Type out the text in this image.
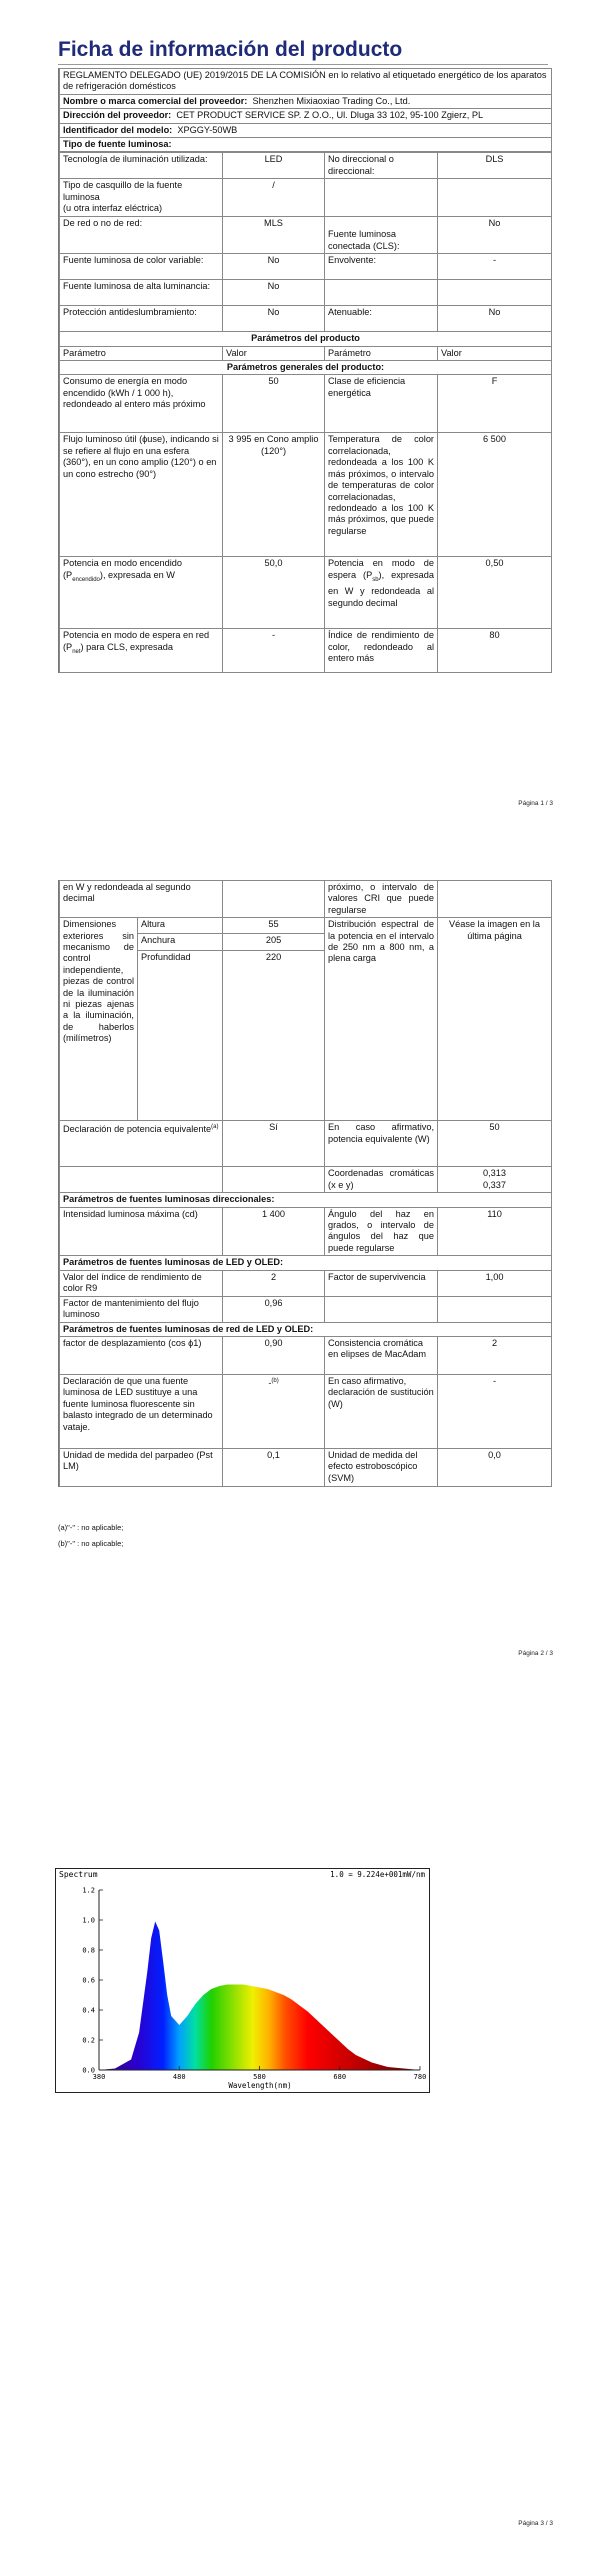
Ficha de información del producto
REGLAMENTO DELEGADO (UE) 2019/2015 DE LA COMISIÓN en lo relativo al etiquetado energético de los aparatos de refrigeración domésticos
Nombre o marca comercial del proveedor: Shenzhen Mixiaoxiao Trading Co., Ltd.
Dirección del proveedor: CET PRODUCT SERVICE SP. Z O.O., Ul. Dluga 33 102, 95-100 Zgierz, PL
Identificador del modelo: XPGGY-50WB
Tipo de fuente luminosa:
Tecnología de iluminación utilizada:	LED	No direccional o direccional:	DLS
Tipo de casquillo de la fuente luminosa
(u otra interfaz eléctrica)	/		
De red o no de red:	MLS	Fuente luminosa conectada (CLS):	No
Fuente luminosa de color variable:	No	Envolvente:	-
Fuente luminosa de alta luminancia:	No		
Protección antideslumbramiento:	No	Atenuable:	No
Parámetros del producto			
Parámetro	Valor	Parámetro	Valor
Parámetros generales del producto:			
Consumo de energía en modo encendido (kWh / 1 000 h), redondeado al entero más próximo	50	Clase de eficiencia energética	F
Flujo luminoso útil (ϕuse), indicando si se refiere al flujo en una esfera (360°), en un cono amplio (120°) o en un cono estrecho (90°)	3 995 en Cono amplio (120°)	Temperatura de color correlacionada, redondeada a los 100 K más próximos, o intervalo de temperaturas de color correlacionadas, redondeado a los 100 K más próximos, que puede regularse	6 500
Potencia en modo encendido $(P_{encendido})$, expresada en W	50,0	Potencia en modo de espera $(P_{sb})$, expresada en W y redondeada al segundo decimal	0,50
Potencia en modo de espera en red $(P_{net})$ para CLS, expresada	-	Índice de rendimiento de color, redondeado al entero más	80
Página 1 / 3
en W y redondeada al segundo decimal			próximo, o intervalo de valores CRI que puede regularse	
Dimensiones exteriores sin mecanismo de control independiente, piezas de control de la iluminación ni piezas ajenas a la iluminación, de haberlos (milímetros)	Altura	55	Distribución espectral de la potencia en el intervalo de 250 nm a 800 nm, a plena carga	Véase la imagen en la última página
	Anchura	205		
	Profundidad	220		
Declaración de potencia equivalente$^{(a)}$		Sí	En caso afirmativo, potencia equivalente (W)	50
			Coordenadas cromáticas (x e y)	0,313
0,337
Parámetros de fuentes luminosas direccionales:				
Intensidad luminosa máxima (cd)		1 400	Ángulo del haz en grados, o intervalo de ángulos del haz que puede regularse	110
Parámetros de fuentes luminosas de LED y OLED:				
Valor del índice de rendimiento de color R9		2	Factor de supervivencia	1,00
Factor de mantenimiento del flujo luminoso		0,96		
Parámetros de fuentes luminosas de red de LED y OLED:				
factor de desplazamiento (cos ϕ1)		0,90	Consistencia cromática en elipses de MacAdam	2
Declaración de que una fuente luminosa de LED sustituye a una fuente luminosa fluorescente sin balasto integrado de un determinado vataje.		-$^{(b)}$	En caso afirmativo, declaración de sustitución (W)	-
Unidad de medida del parpadeo (Pst LM)		0,1	Unidad de medida del efecto estroboscópico (SVM)	0,0
(a)"-" : no aplicable;
(b)"-" : no aplicable;
Página 2 / 3
Spectrum	1.0 = 9.224e+001mW/nm
0.0
0.2
0.4
0.6
0.8
1.0
1.2
380	480	580	680	780
Wavelength(nm)
Página 3 / 3
